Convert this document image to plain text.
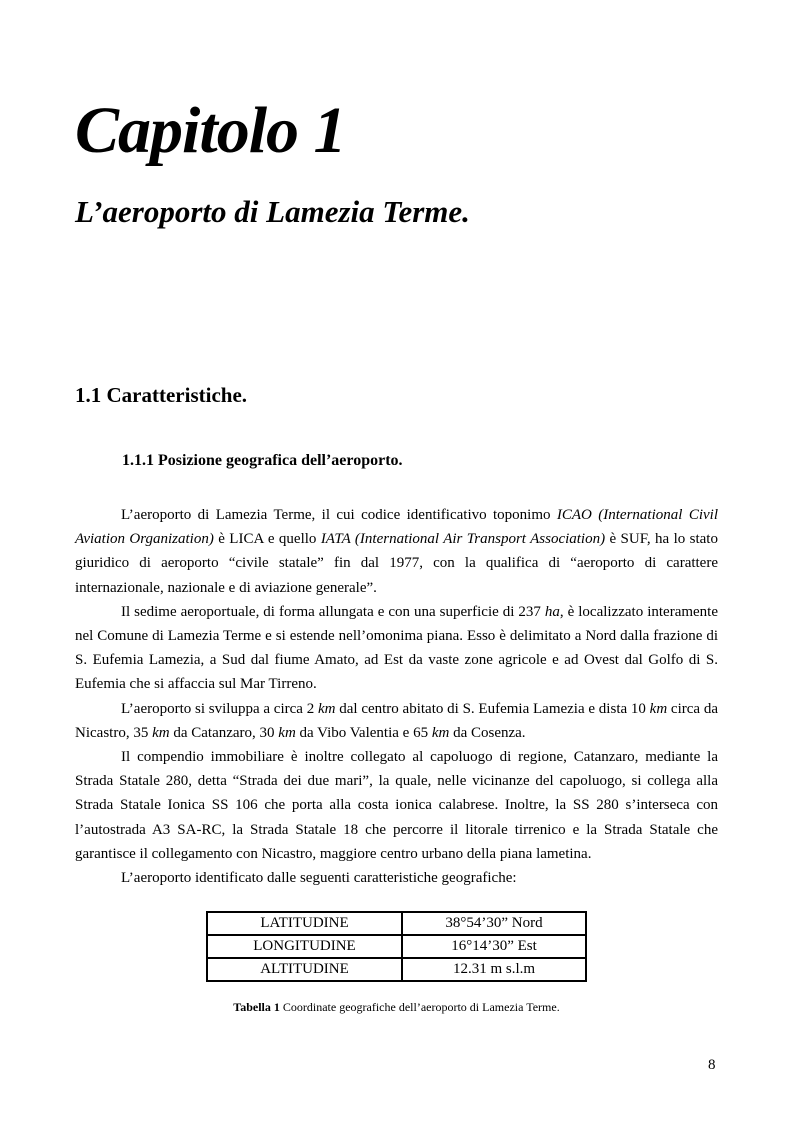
Capitolo 1
L’aeroporto di Lamezia Terme.
1.1 Caratteristiche.
1.1.1 Posizione geografica dell’aeroporto.

L’aeroporto di Lamezia Terme, il cui codice identificativo toponimo ICAO (International Civil Aviation Organization) è LICA e quello IATA (International Air Transport Association) è SUF, ha lo stato giuridico di aeroporto “civile statale” fin dal 1977, con la qualifica di “aeroporto di carattere internazionale, nazionale e di aviazione generale”.

Il sedime aeroportuale, di forma allungata e con una superficie di 237 ha, è localizzato interamente nel Comune di Lamezia Terme e si estende nell’omonima piana. Esso è delimitato a Nord dalla frazione di S. Eufemia Lamezia, a Sud dal fiume Amato, ad Est da vaste zone agricole e ad Ovest dal Golfo di S. Eufemia che si affaccia sul Mar Tirreno.

L’aeroporto si sviluppa a circa 2 km dal centro abitato di S. Eufemia Lamezia e dista 10 km circa da Nicastro, 35 km da Catanzaro, 30 km da Vibo Valentia e 65 km da Cosenza.

Il compendio immobiliare è inoltre collegato al capoluogo di regione, Catanzaro, mediante la Strada Statale 280, detta “Strada dei due mari”, la quale, nelle vicinanze del capoluogo, si collega alla Strada Statale Ionica SS 106 che porta alla costa ionica calabrese. Inoltre, la SS 280 s’interseca con l’autostrada A3 SA-RC, la Strada Statale 18 che percorre il litorale tirrenico e la Strada Statale che garantisce il collegamento con Nicastro, maggiore centro urbano della piana lametina.

L’aeroporto identificato dalle seguenti caratteristiche geografiche:

LATITUDINE	38°54’30” Nord
LONGITUDINE	16°14’30” Est
ALTITUDINE	12.31 m s.l.m
Tabella 1 Coordinate geografiche dell’aeroporto di Lamezia Terme.
8
